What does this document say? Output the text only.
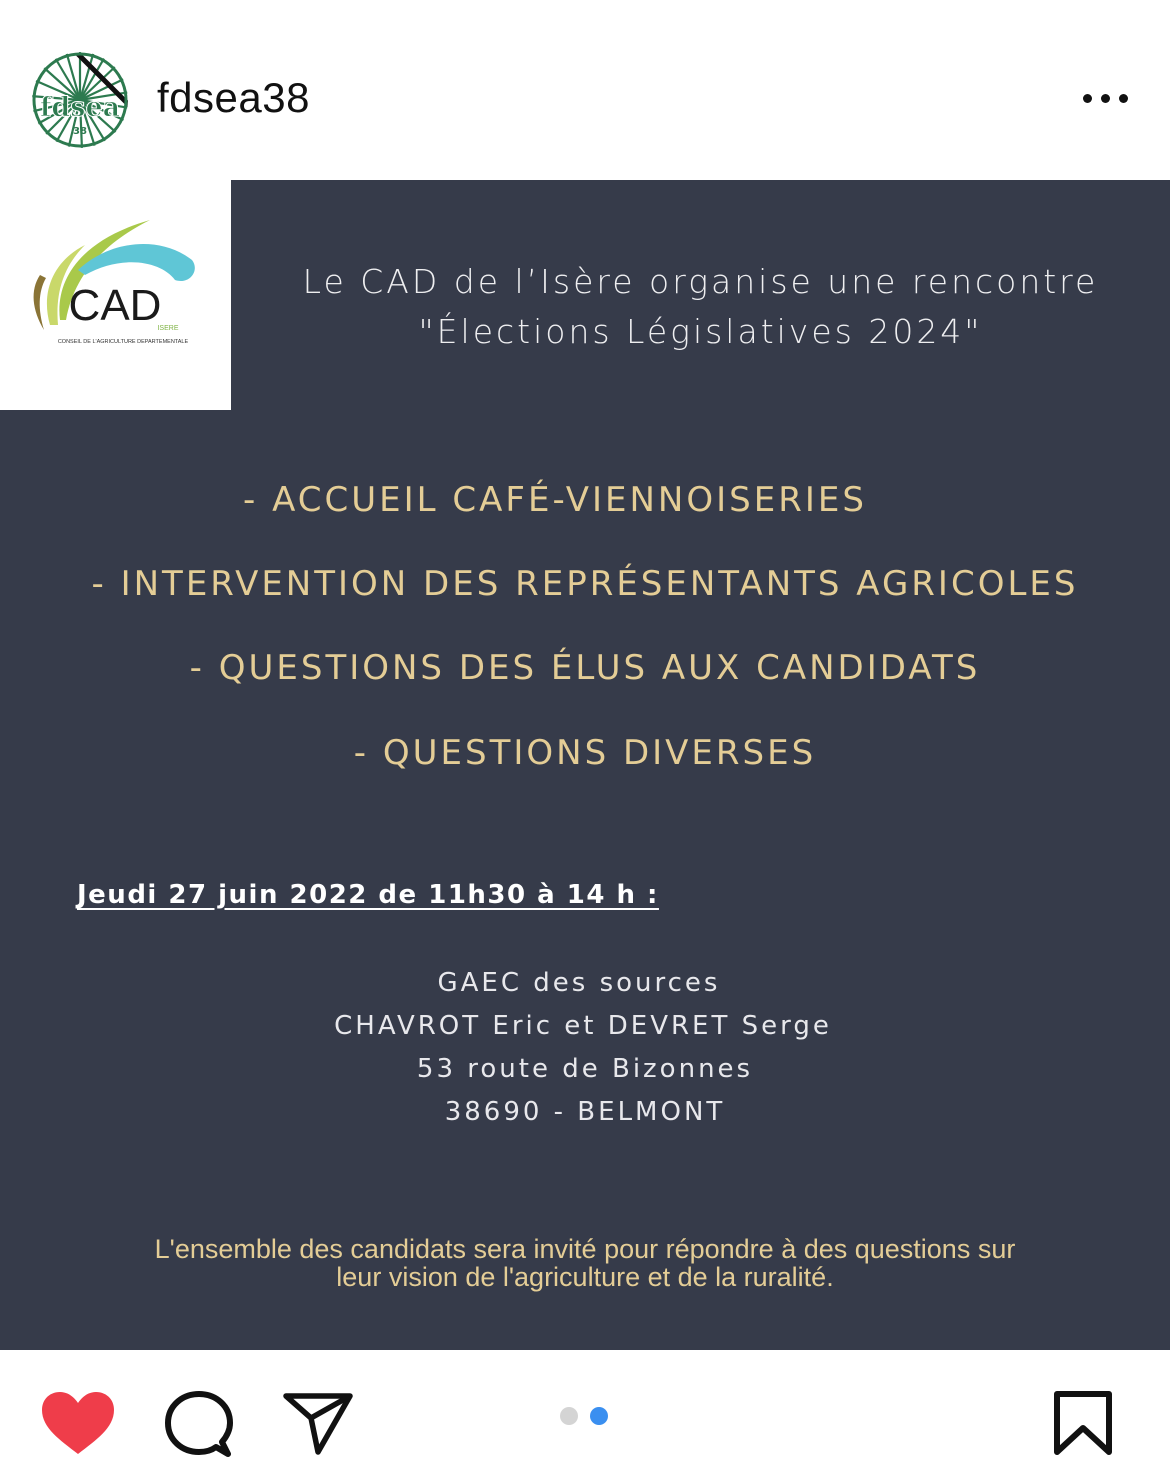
fdsea
38
fdsea38
CAD
ISERE
CONSEIL DE L'AGRICULTURE DEPARTEMENTALE
Le CAD de l’Isère organise une rencontre
"Élections Législatives 2024"
- ACCUEIL CAFÉ-VIENNOISERIES
- INTERVENTION DES REPRÉSENTANTS AGRICOLES
- QUESTIONS DES ÉLUS AUX CANDIDATS
- QUESTIONS DIVERSES
Jeudi 27 juin 2022 de 11h30 à 14 h :
GAEC des sources
CHAVROT Eric et DEVRET Serge
53 route de Bizonnes
38690 - BELMONT
L'ensemble des candidats sera invité pour répondre à des questions sur
leur vision de l'agriculture et de la ruralité.
